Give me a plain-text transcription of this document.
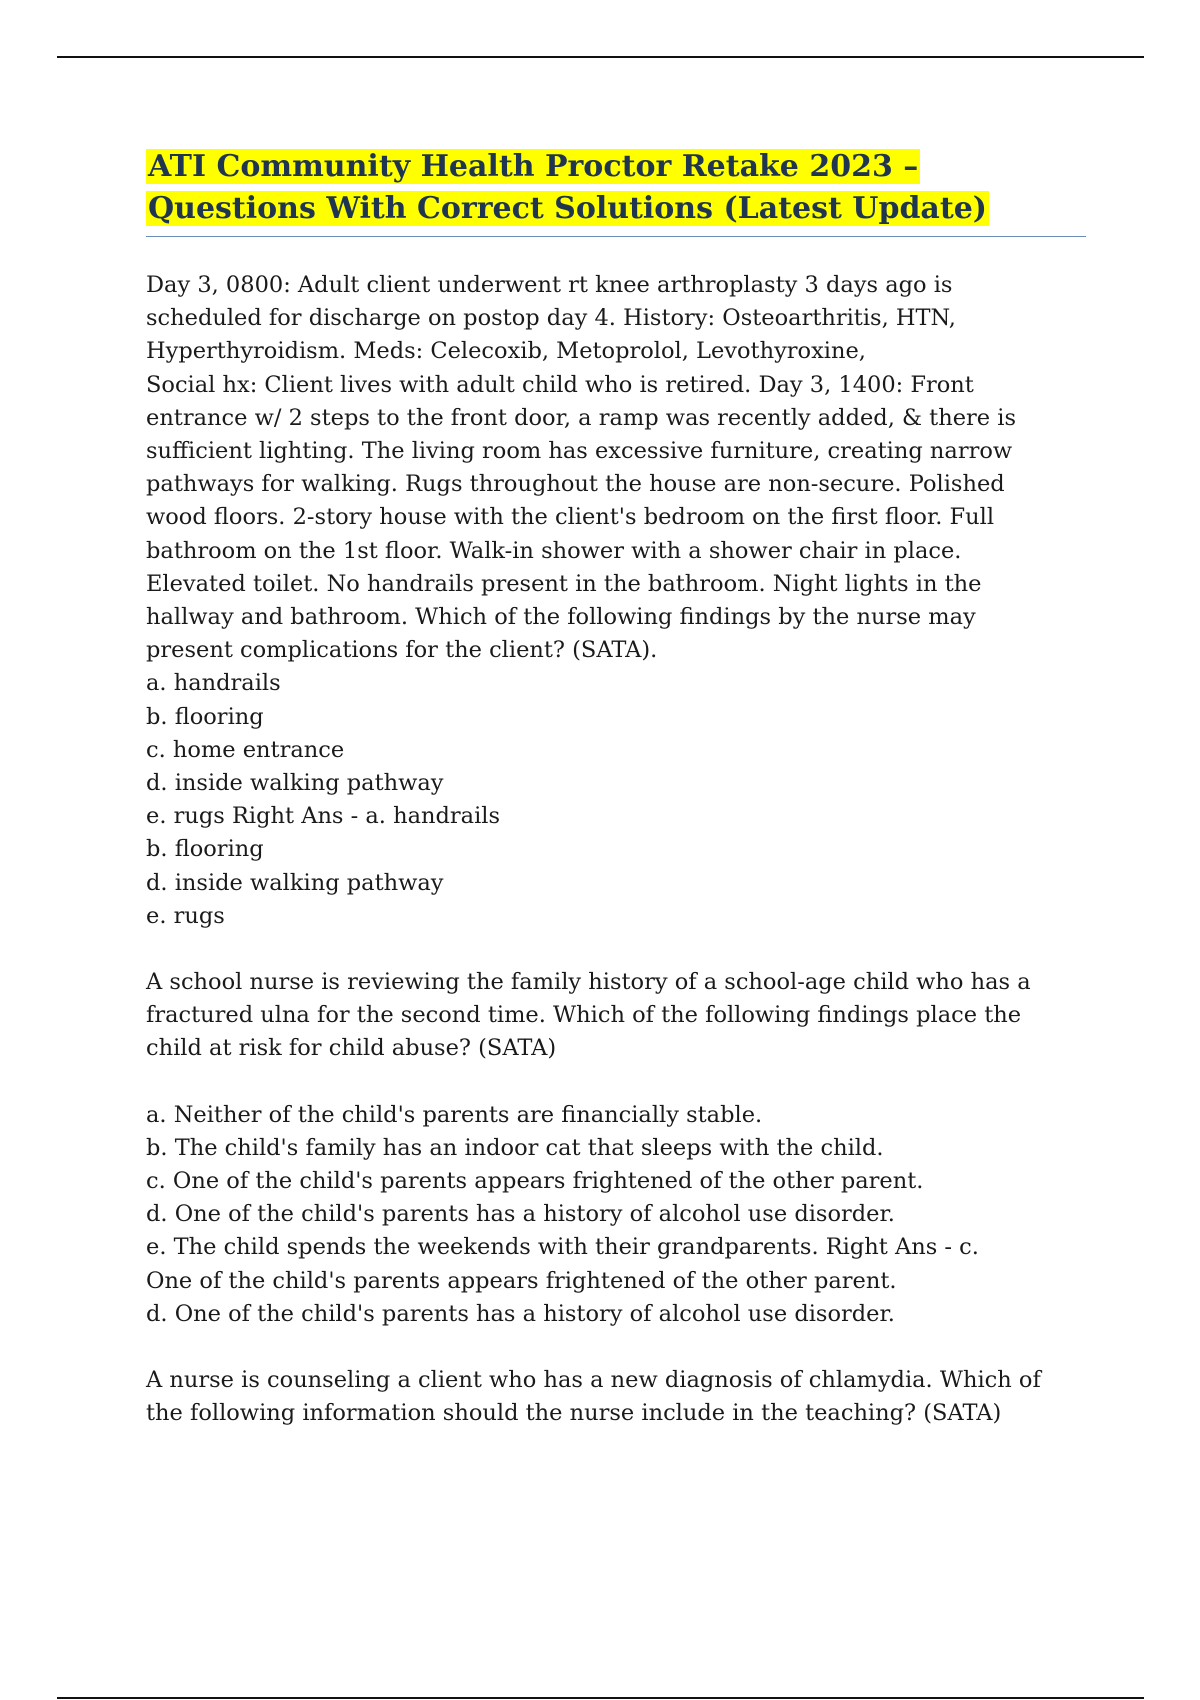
ATI Community Health Proctor Retake 2023 –
Questions With Correct Solutions (Latest Update)

Day 3, 0800: Adult client underwent rt knee arthroplasty 3 days ago is
scheduled for discharge on postop day 4. History: Osteoarthritis, HTN,
Hyperthyroidism. Meds: Celecoxib, Metoprolol, Levothyroxine,
Social hx: Client lives with adult child who is retired. Day 3, 1400: Front
entrance w/ 2 steps to the front door, a ramp was recently added, & there is
sufficient lighting. The living room has excessive furniture, creating narrow
pathways for walking. Rugs throughout the house are non-secure. Polished
wood floors. 2-story house with the client's bedroom on the first floor. Full
bathroom on the 1st floor. Walk-in shower with a shower chair in place.
Elevated toilet. No handrails present in the bathroom. Night lights in the
hallway and bathroom. Which of the following findings by the nurse may
present complications for the client? (SATA).
a. handrails
b. flooring
c. home entrance
d. inside walking pathway
e. rugs Right Ans - a. handrails
b. flooring
d. inside walking pathway
e. rugs

A school nurse is reviewing the family history of a school-age child who has a
fractured ulna for the second time. Which of the following findings place the
child at risk for child abuse? (SATA)

a. Neither of the child's parents are financially stable.
b. The child's family has an indoor cat that sleeps with the child.
c. One of the child's parents appears frightened of the other parent.
d. One of the child's parents has a history of alcohol use disorder.
e. The child spends the weekends with their grandparents. Right Ans - c.
One of the child's parents appears frightened of the other parent.
d. One of the child's parents has a history of alcohol use disorder.

A nurse is counseling a client who has a new diagnosis of chlamydia. Which of
the following information should the nurse include in the teaching? (SATA)
